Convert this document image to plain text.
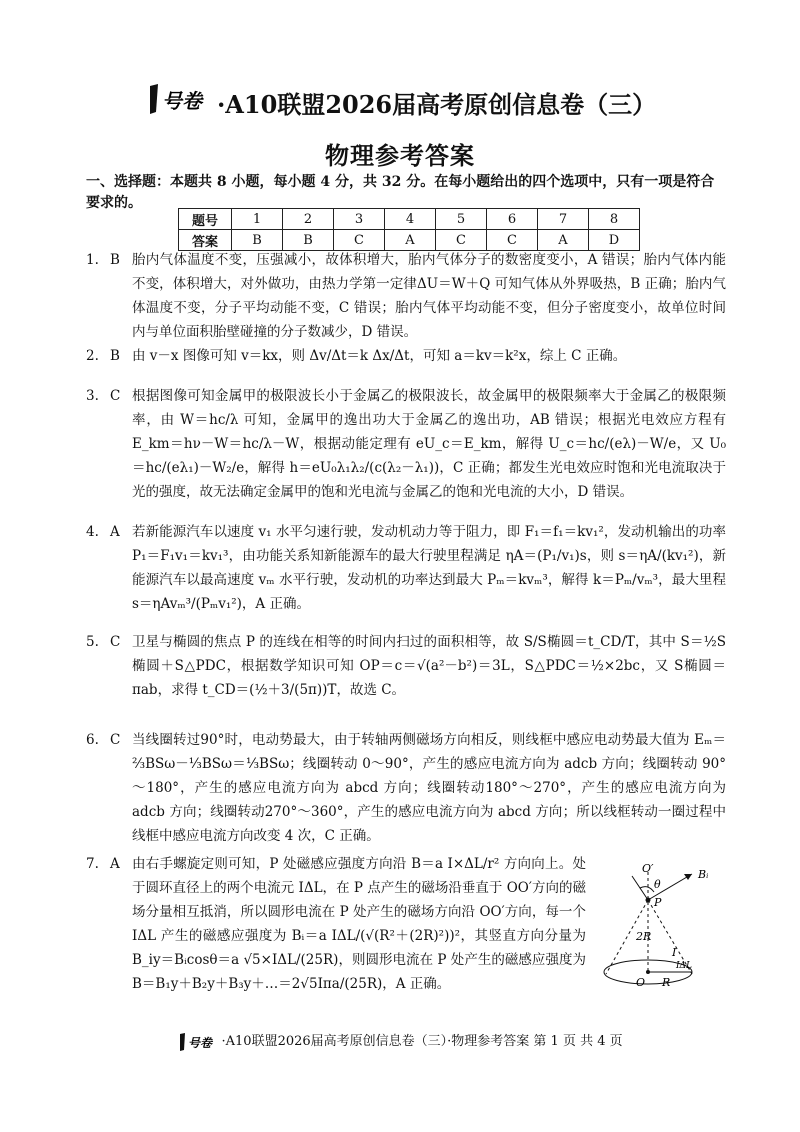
号卷 ·A10联盟2026届高考原创信息卷（三）
物理参考答案
一、选择题：本题共 8 小题，每小题 4 分，共 32 分。在每小题给出的四个选项中，只有一项是符合要求的。
题号	1	2	3	4	5	6	7	8
答案	B	B	C	A	C	C	A	D
1. B 胎内气体温度不变，压强减小，故体积增大，胎内气体分子的数密度变小，A 错误；胎内气体内能不变，体积增大，对外做功，由热力学第一定律ΔU＝W＋Q 可知气体从外界吸热，B 正确；胎内气体温度不变，分子平均动能不变，C 错误；胎内气体平均动能不变，但分子密度变小，故单位时间内与单位面积胎壁碰撞的分子数减少，D 错误。
2. B 由 v－x 图像可知 v＝kx，则 Δv/Δt＝k Δx/Δt，可知 a＝kv＝k²x，综上 C 正确。
3. C 根据图像可知金属甲的极限波长小于金属乙的极限波长，故金属甲的极限频率大于金属乙的极限频率，由 W＝hc/λ 可知，金属甲的逸出功大于金属乙的逸出功，AB 错误；根据光电效应方程有 E_km＝hν－W＝hc/λ－W，根据动能定理有 eU_c＝E_km，解得 U_c＝hc/(eλ)－W/e，又 U₀＝hc/(eλ₁)－W₂/e，解得 h＝eU₀λ₁λ₂/(c(λ₂－λ₁))，C 正确；都发生光电效应时饱和光电流取决于光的强度，故无法确定金属甲的饱和光电流与金属乙的饱和光电流的大小，D 错误。
4. A 若新能源汽车以速度 v₁ 水平匀速行驶，发动机动力等于阻力，即 F₁＝f₁＝kv₁²，发动机输出的功率 P₁＝F₁v₁＝kv₁³，由功能关系知新能源车的最大行驶里程满足 ηA＝(P₁/v₁)s，则 s＝ηA/(kv₁²)，新能源汽车以最高速度 vₘ 水平行驶，发动机的功率达到最大 Pₘ＝kvₘ³，解得 k＝Pₘ/vₘ³，最大里程 s＝ηAvₘ³/(Pₘv₁²)，A 正确。
5. C 卫星与椭圆的焦点 P 的连线在相等的时间内扫过的面积相等，故 S/S椭圆＝t_CD/T，其中 S＝½S椭圆＋S△PDC，根据数学知识可知 OP＝c＝√(a²－b²)＝3L，S△PDC＝½×2bc，又 S椭圆＝πab，求得 t_CD＝(½＋3/(5π))T，故选 C。
6. C 当线圈转过90°时，电动势最大，由于转轴两侧磁场方向相反，则线框中感应电动势最大值为 Eₘ＝⅔BSω－⅓BSω＝⅓BSω；线圈转动 0～90°，产生的感应电流方向为 adcb 方向；线圈转动 90°～180°，产生的感应电流方向为 abcd 方向；线圈转动180°～270°，产生的感应电流方向为 adcb 方向；线圈转动270°～360°，产生的感应电流方向为 abcd 方向；所以线框转动一圈过程中线框中感应电流方向改变 4 次，C 正确。
7. A 由右手螺旋定则可知，P 处磁感应强度方向沿 B＝a I×ΔL/r² 方向向上。处于圆环直径上的两个电流元 IΔL，在 P 点产生的磁场沿垂直于 OO′方向的磁场分量相互抵消，所以圆形电流在 P 处产生的磁场方向沿 OO′方向，每一个 IΔL 产生的磁感应强度为 Bᵢ＝a IΔL/(√(R²＋(2R)²))²，其竖直方向分量为 B_iy＝Bᵢcosθ＝a √5×IΔL/(25R)，则圆形电流在 P 处产生的磁感应强度为 B＝B₁y＋B₂y＋B₃y＋…＝2√5Iπa/(25R)，A 正确。
O′
θ
Bᵢ
P
2R
I
IΔL
O R
号卷 ·A10联盟2026届高考原创信息卷（三）·物理参考答案 第 1 页 共 4 页
